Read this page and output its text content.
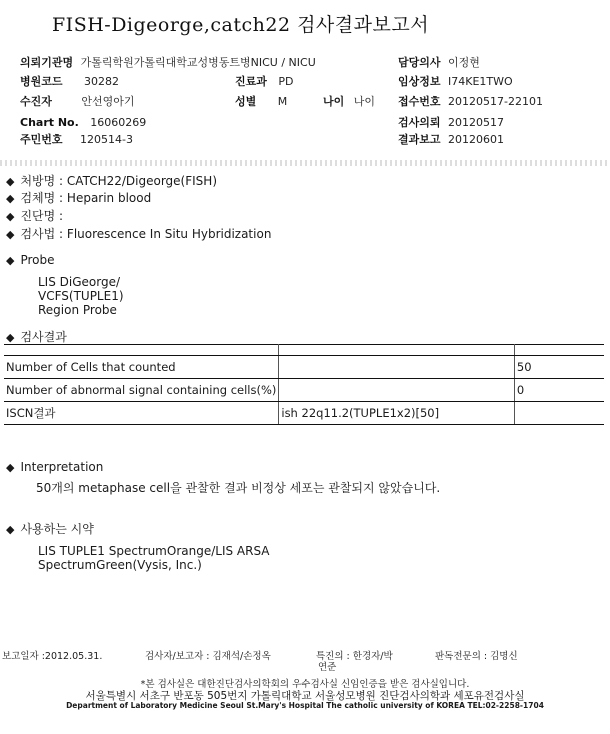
FISH-Digeorge,catch22 검사결과보고서
의뢰기관명 가톨릭학원가톨릭대학교성병동트병NICU / NICU	담당의사 이정현
병원코드 30282	진료과 PD	임상정보 I74KE1TWO
수진자	안선영아기	성별 M	나이 나이 접수번호 20120517-22101
Chart No. 16060269	검사의뢰 20120517
주민번호 120514-3	결과보고 20120601
◆ 처방명 : CATCH22/Digeorge(FISH)
◆ 검체명 : Heparin blood
◆ 진단명 :
◆ 검사법 : Fluorescence In Situ Hybridization
◆ Probe
LIS DiGeorge/
VCFS(TUPLE1)
Region Probe
◆ 검사결과

Number of Cells that counted		50
Number of abnormal signal containing cells(%)		0
ISCN결과	ish 22q11.2(TUPLE1x2)[50]	
◆ Interpretation
50개의 metaphase cell을 관찰한 결과 비정상 세포는 관찰되지 않았습니다.
◆ 사용하는 시약
LIS TUPLE1 SpectrumOrange/LIS ARSA
SpectrumGreen(Vysis, Inc.)
보고일자 :2012.05.31.	검사자/보고자 : 김재석/손정옥	특진의 : 한경자/박
연준
판독전문의 : 김명신
*본 검사실은 대한진단검사의학회의 우수검사실 신임인증을 받은 검사실입니다.
서울특별시 서초구 반포동 505번지 가톨릭대학교 서울성모병원 진단검사의학과 세포유전검사실
Department of Laboratory Medicine Seoul St.Mary's Hospital The catholic university of KOREA TEL:02-2258-1704
